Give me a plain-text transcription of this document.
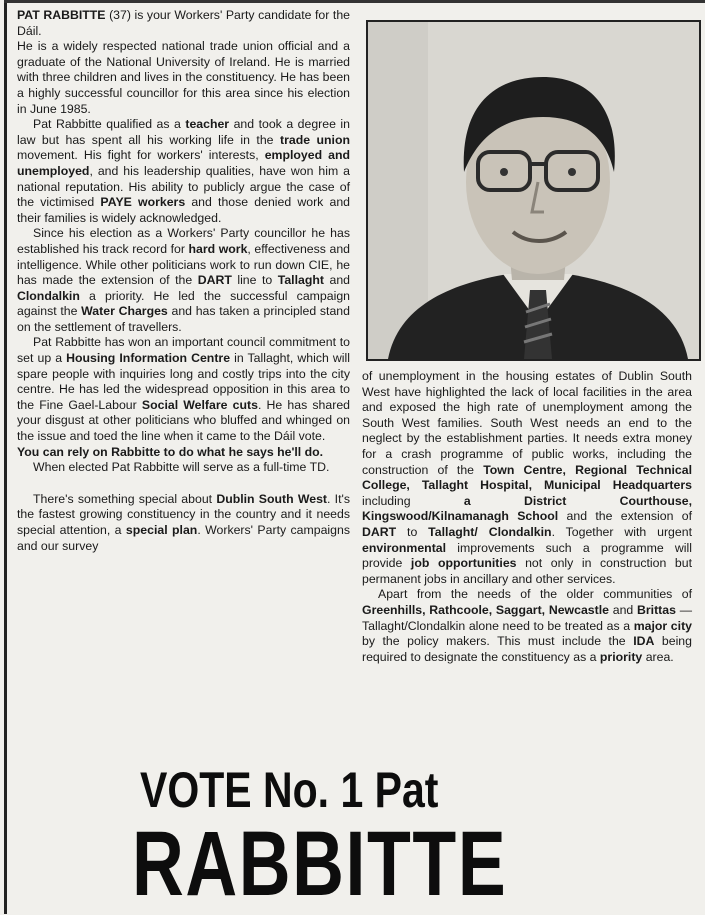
PAT RABBITTE (37) is your Workers' Party candidate for the Dáil.

He is a widely respected national trade union official and a graduate of the National University of Ireland. He is married with three children and lives in the constituency. He has been a highly successful councillor for this area since his election in June 1985.

Pat Rabbitte qualified as a teacher and took a degree in law but has spent all his working life in the trade union movement. His fight for workers' interests, employed and unemployed, and his leadership qualities, have won him a national reputation. His ability to publicly argue the case of the victimised PAYE workers and those denied work and their families is widely acknowledged.

Since his election as a Workers' Party councillor he has established his track record for hard work, effectiveness and intelligence. While other politicians work to run down CIE, he has made the extension of the DART line to Tallaght and Clondalkin a priority. He led the successful campaign against the Water Charges and has taken a principled stand on the settlement of travellers.

Pat Rabbitte has won an important council commitment to set up a Housing Information Centre in Tallaght, which will spare people with inquiries long and costly trips into the city centre. He has led the widespread opposition in this area to the Fine Gael-Labour Social Welfare cuts. He has shared your disgust at other politicians who bluffed and whinged on the issue and toed the line when it came to the Dáil vote.

You can rely on Rabbitte to do what he says he'll do.

When elected Pat Rabbitte will serve as a full-time TD.

There's something special about Dublin South West. It's the fastest growing constituency in the country and it needs special attention, a special plan. Workers' Party campaigns and our survey

of unemployment in the housing estates of Dublin South West have highlighted the lack of local facilities in the area and exposed the high rate of unemployment among the South West families. South West needs an end to the neglect by the establishment parties. It needs extra money for a crash programme of public works, including the construction of the Town Centre, Regional Technical College, Tallaght Hospital, Municipal Headquarters including a District Courthouse, Kingswood/Kilnamanagh School and the extension of DART to Tallaght/ Clondalkin. Together with urgent environmental improvements such a programme will provide job opportunities not only in construction but permanent jobs in ancillary and other services.

Apart from the needs of the older communities of Greenhills, Rathcoole, Saggart, Newcastle and Brittas — Tallaght/Clondalkin alone need to be treated as a major city by the policy makers. This must include the IDA being required to designate the constituency as a priority area.

VOTE No. 1 Pat
RABBITTE
